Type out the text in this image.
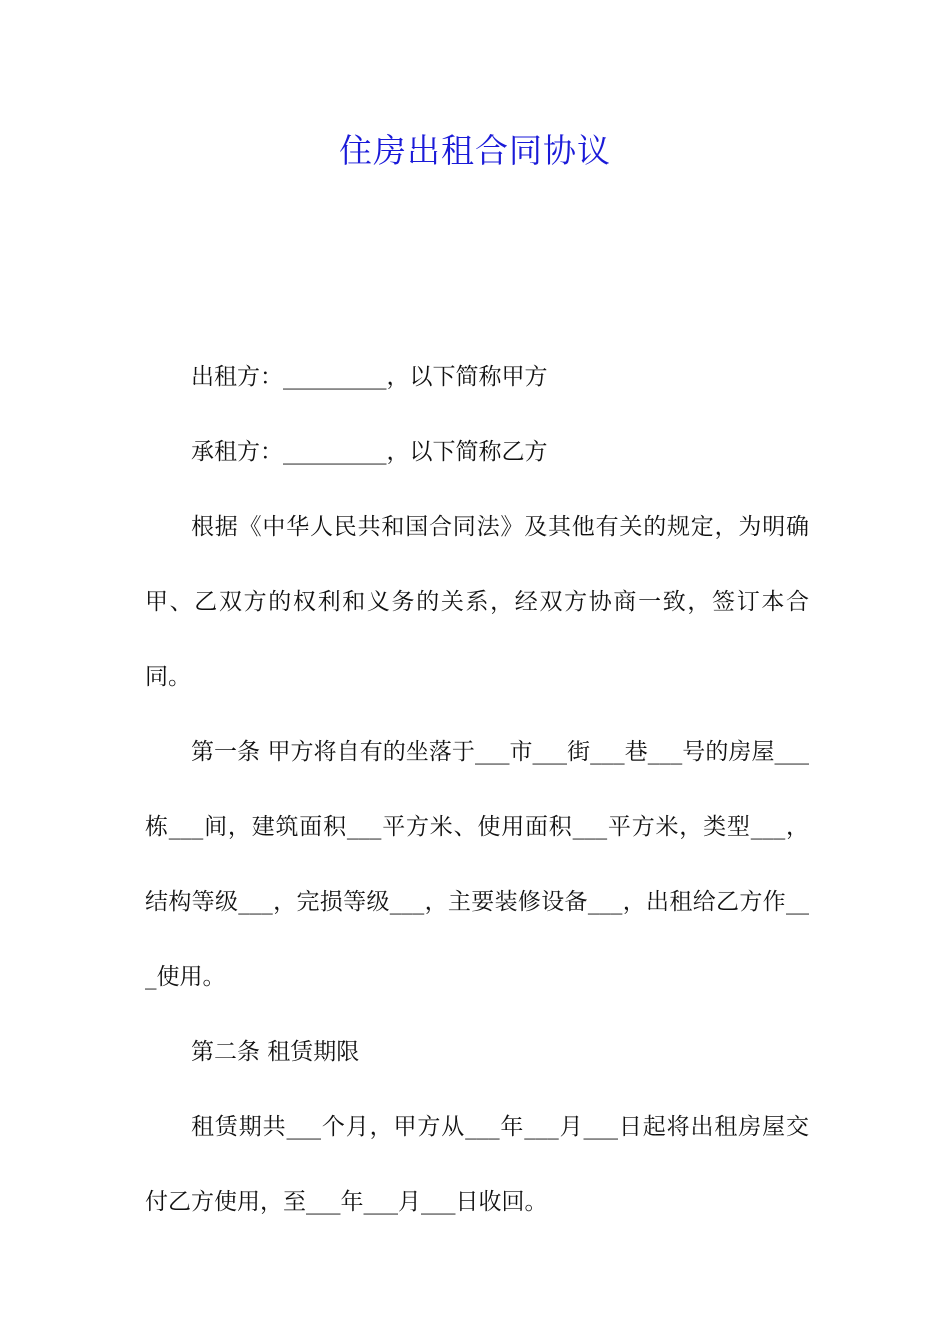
住房出租合同协议

出租方：_________，以下简称甲方

承租方：_________，以下简称乙方

根据《中华人民共和国合同法》及其他有关的规定，为明确甲、乙双方的权利和义务的关系，经双方协商一致，签订本合同。

第一条 甲方将自有的坐落于___市___街___巷___号的房屋___栋___间，建筑面积___平方米、使用面积___平方米，类型___，结构等级___，完损等级___，主要装修设备___，出租给乙方作___使用。

第二条 租赁期限

租赁期共___个月，甲方从___年___月___日起将出租房屋交付乙方使用，至___年___月___日收回。
